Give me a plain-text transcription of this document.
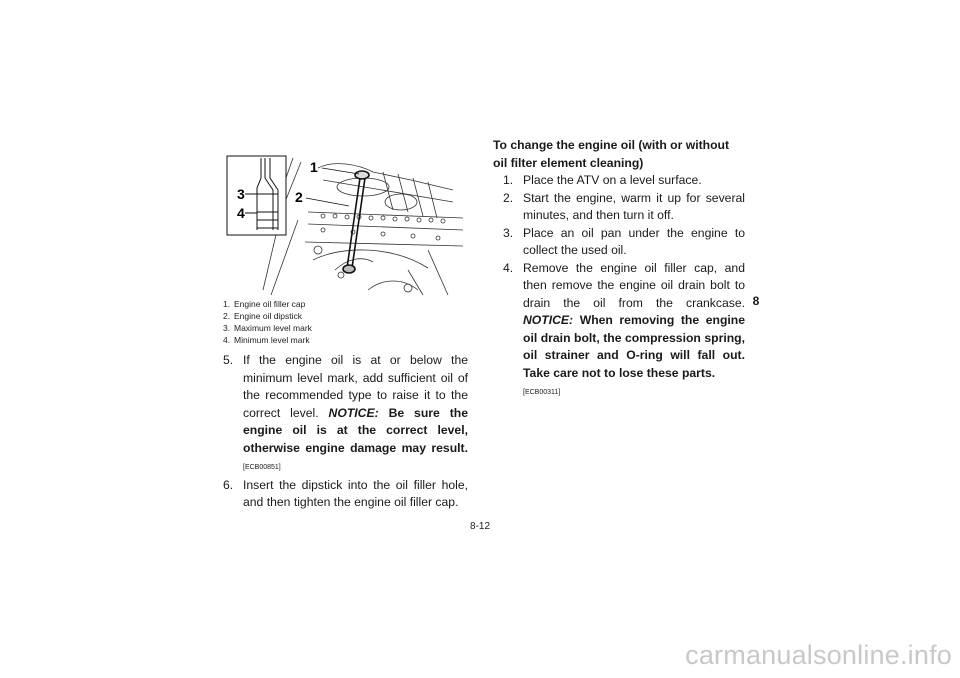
1
2
3
4
1. Engine oil filler cap
2. Engine oil dipstick
3. Maximum level mark
4. Minimum level mark
5. If the engine oil is at or below the minimum level mark, add sufficient oil of the recommended type to raise it to the correct level. NOTICE: Be sure the engine oil is at the correct level, otherwise engine damage may result. [ECB00851]
6. Insert the dipstick into the oil filler hole, and then tighten the engine oil filler cap.
To change the engine oil (with or without oil filter element cleaning)
1. Place the ATV on a level surface.
2. Start the engine, warm it up for several minutes, and then turn it off.
3. Place an oil pan under the engine to collect the used oil.
4. Remove the engine oil filler cap, and then remove the engine oil drain bolt to drain the oil from the crankcase. NOTICE: When removing the engine oil drain bolt, the compression spring, oil strainer and O-ring will fall out. Take care not to lose these parts.
[ECB00311]
8
8-12
carmanualsonline.info
